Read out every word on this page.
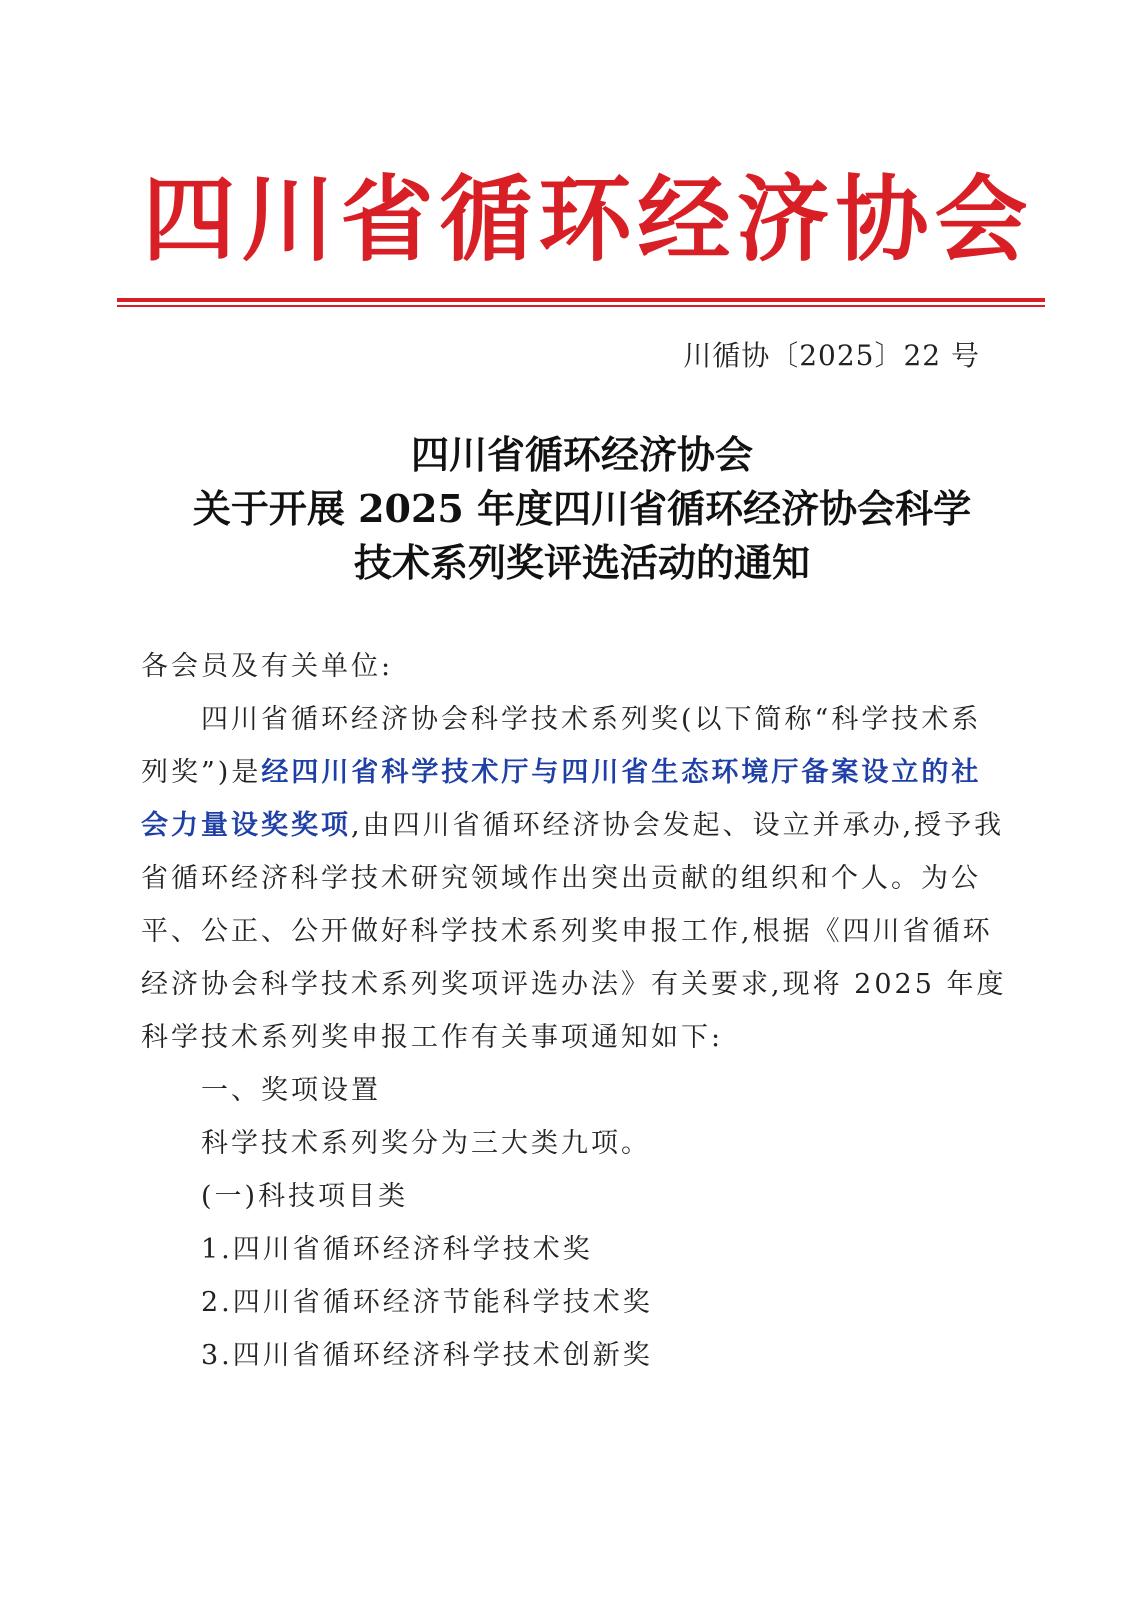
四川省循环经济协会
川循协〔2025〕22 号
四川省循环经济协会
关于开展 2025 年度四川省循环经济协会科学
技术系列奖评选活动的通知

各会员及有关单位:

四川省循环经济协会科学技术系列奖(以下简称“科学技术系列奖”)是经四川省科学技术厅与四川省生态环境厅备案设立的社会力量设奖奖项,由四川省循环经济协会发起、设立并承办,授予我省循环经济科学技术研究领域作出突出贡献的组织和个人。为公平、公正、公开做好科学技术系列奖申报工作,根据《四川省循环经济协会科学技术系列奖项评选办法》有关要求,现将 2025 年度科学技术系列奖申报工作有关事项通知如下:

一、奖项设置

科学技术系列奖分为三大类九项。

(一)科技项目类

1.四川省循环经济科学技术奖

2.四川省循环经济节能科学技术奖

3.四川省循环经济科学技术创新奖
